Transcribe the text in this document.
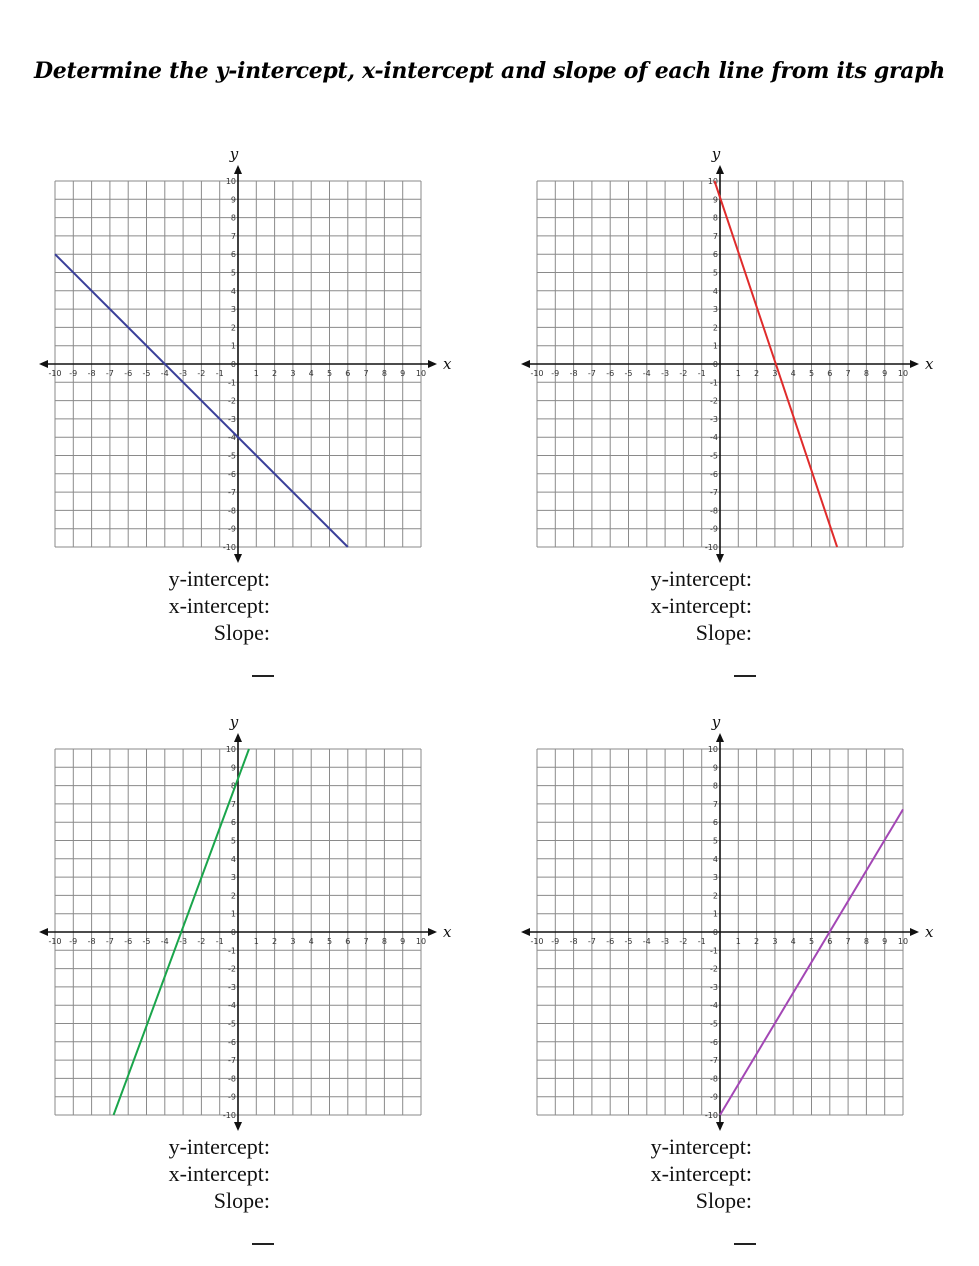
Determine the y-intercept, x-intercept and slope of each line from its graph
x
y
-10 -9 -8 -7 -6 -5 -4 -3 -2 -1	1 2 3 4 5 6 7 8 9 10
-10
-9
-8
-7
-6
-5
-4
-3
-2
-1
0
1
2
3
4
5
6
7
8
9
10
y-intercept:
x-intercept:
Slope:
x
y
-10 -9 -8 -7 -6 -5 -4 -3 -2 -1	1 2 3 4 5 6 7 8 9 10
-10
-9
-8
-7
-6
-5
-4
-3
-2
-1
0
1
2
3
4
5
6
7
8
9
10
y-intercept:
x-intercept:
Slope:
x
y
-10 -9 -8 -7 -6 -5 -4 -3 -2 -1	1 2 3 4 5 6 7 8 9 10
-10
-9
-8
-7
-6
-5
-4
-3
-2
-1
0
1
2
3
4
5
6
7
8
9
10
y-intercept:
x-intercept:
Slope:
x
y
-10 -9 -8 -7 -6 -5 -4 -3 -2 -1	1 2 3 4 5 6 7 8 9 10
-10
-9
-8
-7
-6
-5
-4
-3
-2
-1
0
1
2
3
4
5
6
7
8
9
10
y-intercept:
x-intercept:
Slope:
